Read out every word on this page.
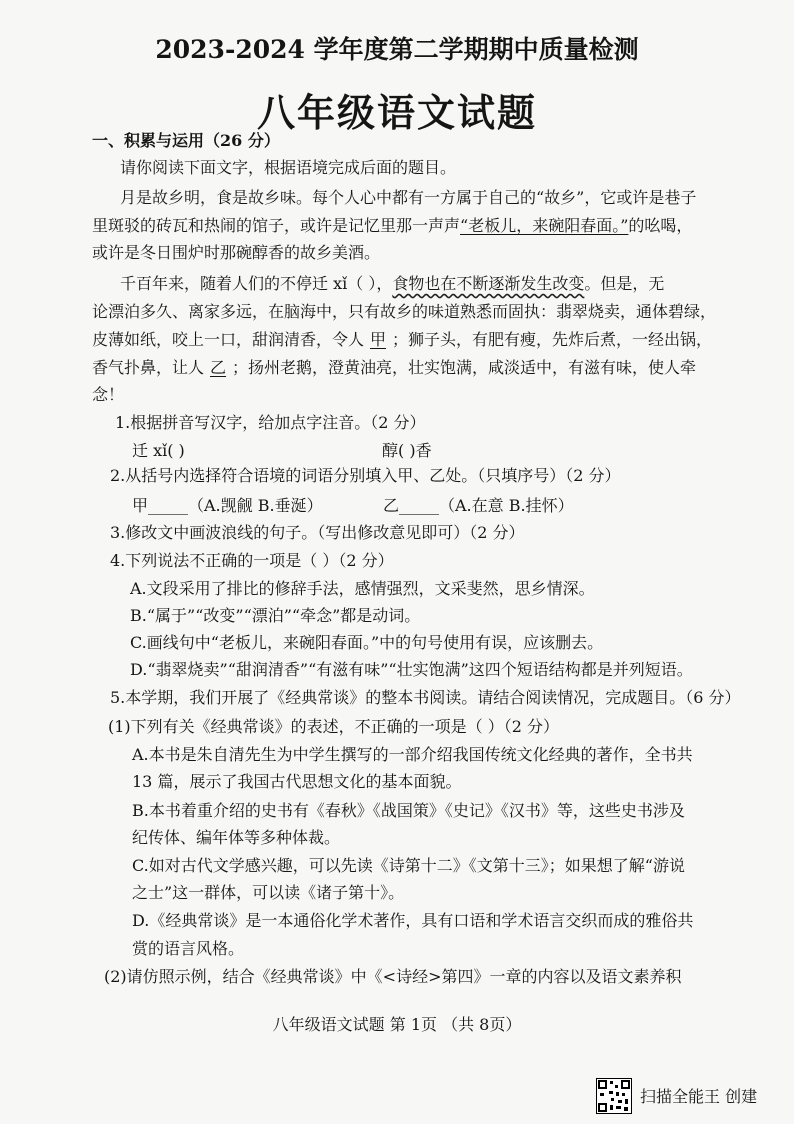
2023-2024 学年度第二学期期中质量检测
八年级语文试题
一、积累与运用（26 分）
请你阅读下面文字，根据语境完成后面的题目。
月是故乡明，食是故乡味。每个人心中都有一方属于自己的“故乡”，它或许是巷子
里斑驳的砖瓦和热闹的馆子，或许是记忆里那一声声“老板儿，来碗阳春面。”的吆喝，
或许是冬日围炉时那碗醇香的故乡美酒。
千百年来，随着人们的不停迁 xǐ（ ），食物也在不断逐渐发生改变。但是，无
论漂泊多久、离家多远，在脑海中，只有故乡的味道熟悉而固执：翡翠烧卖，通体碧绿，
皮薄如纸，咬上一口，甜润清香，令人 甲 ；狮子头，有肥有瘦，先炸后煮，一经出锅，
香气扑鼻，让人 乙 ；扬州老鹅，澄黄油亮，壮实饱满，咸淡适中，有滋有味，使人牵
念！
1.根据拼音写汉字，给加点字注音。（2 分）
迁 xǐ( )	醇( )香
2.从括号内选择符合语境的词语分别填入甲、乙处。（只填序号）（2 分）
甲_____（A.觊觎 B.垂涎）	乙_____（A.在意 B.挂怀）
3.修改文中画波浪线的句子。（写出修改意见即可）（2 分）
4.下列说法不正确的一项是（ ）（2 分）
A.文段采用了排比的修辞手法，感情强烈，文采斐然，思乡情深。
B.“属于”“改变”“漂泊”“牵念”都是动词。
C.画线句中“老板儿，来碗阳春面。”中的句号使用有误，应该删去。
D.“翡翠烧卖”“甜润清香”“有滋有味”“壮实饱满”这四个短语结构都是并列短语。
5.本学期，我们开展了《经典常谈》的整本书阅读。请结合阅读情况，完成题目。（6 分）
(1)下列有关《经典常谈》的表述，不正确的一项是（ ）（2 分）
A.本书是朱自清先生为中学生撰写的一部介绍我国传统文化经典的著作，全书共
13 篇，展示了我国古代思想文化的基本面貌。
B.本书着重介绍的史书有《春秋》《战国策》《史记》《汉书》等，这些史书涉及
纪传体、编年体等多种体裁。
C.如对古代文学感兴趣，可以先读《诗第十二》《文第十三》；如果想了解“游说
之士”这一群体，可以读《诸子第十》。
D.《经典常谈》是一本通俗化学术著作，具有口语和学术语言交织而成的雅俗共
赏的语言风格。
(2)请仿照示例，结合《经典常谈》中《<诗经>第四》一章的内容以及语文素养积
八年级语文试题 第 1页 （共 8页）
扫描全能王 创建
